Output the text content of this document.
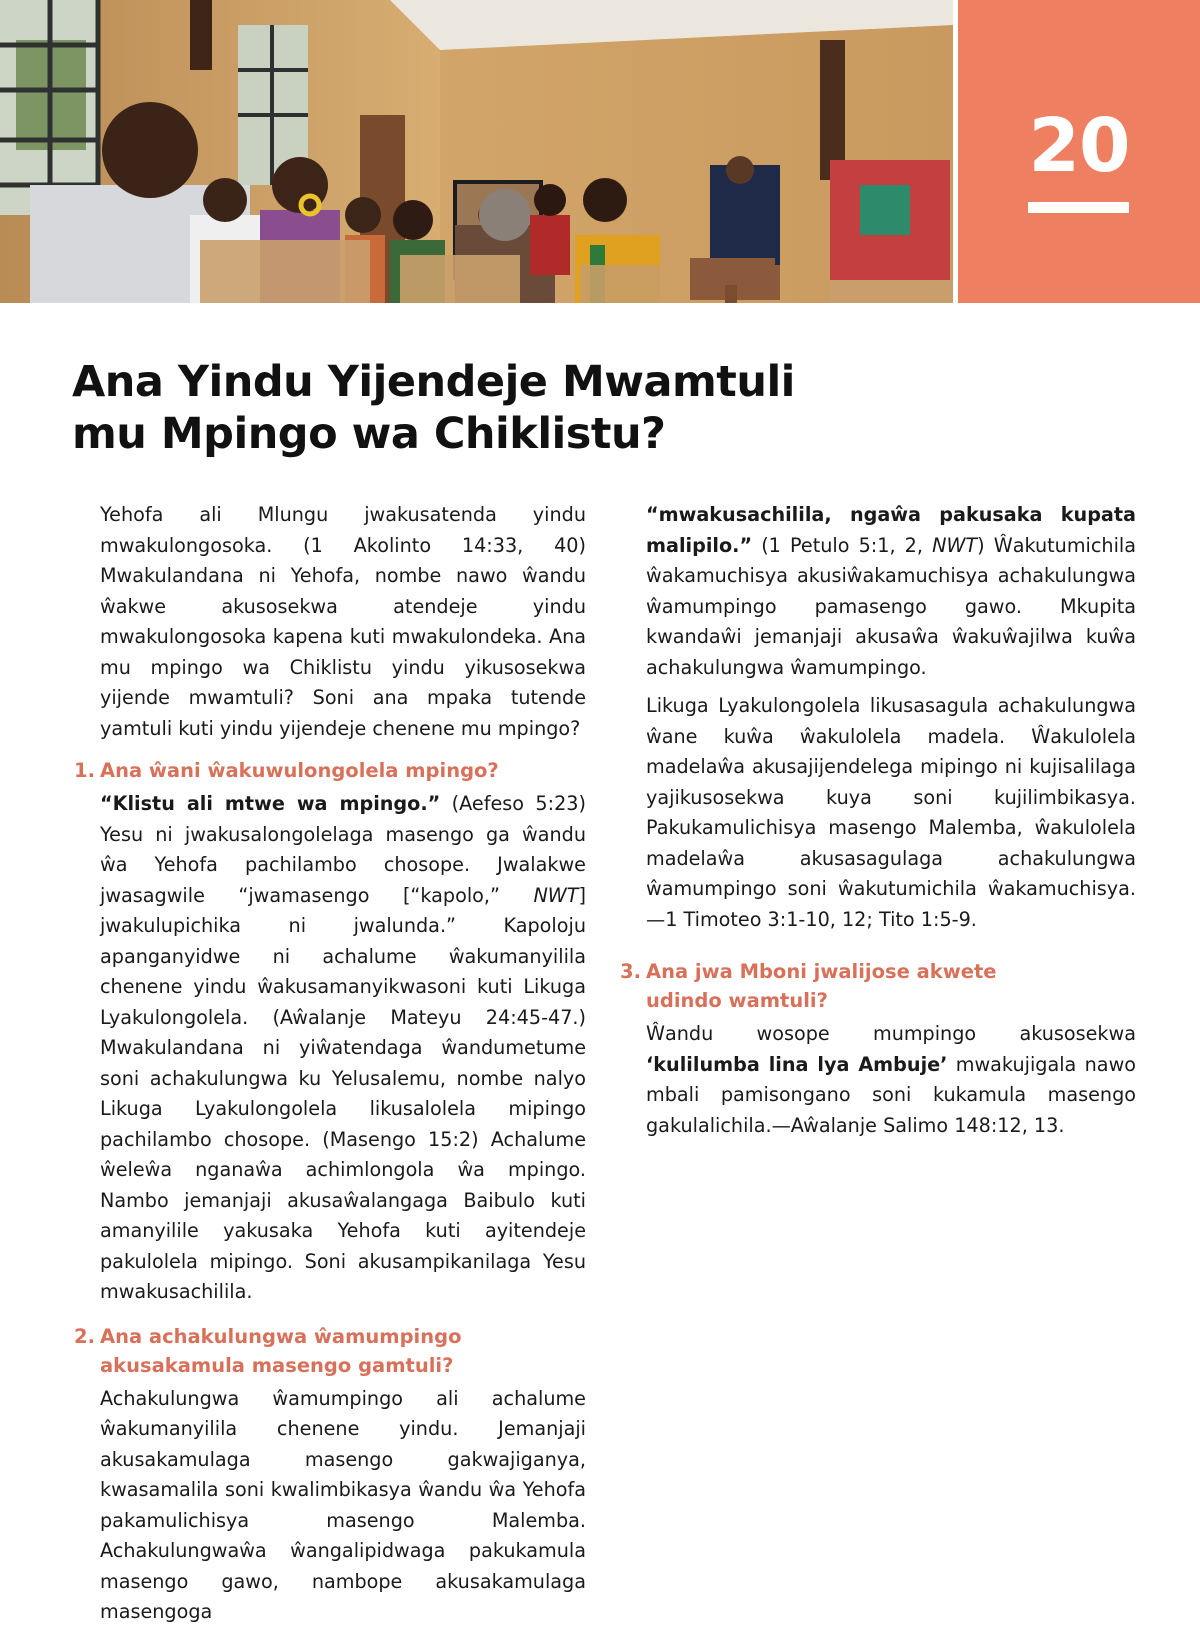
20
Ana Yindu Yijendeje Mwamtuli
mu Mpingo wa Chiklistu?

Yehofa ali Mlungu jwakusatenda yindu mwakulongosoka. (1 Akolinto 14:33, 40) Mwakulandana ni Yehofa, nombe nawo ŵandu ŵakwe akusosekwa atendeje yindu mwakulongosoka kapena kuti mwakulondeka. Ana mu mpingo wa Chiklistu yindu yikusosekwa yijende mwamtuli? Soni ana mpaka tutende yamtuli kuti yindu yijendeje chenene mu mpingo?

1. Ana ŵani ŵakuwulongolela mpingo?

“Klistu ali mtwe wa mpingo.” (Aefeso 5:23) Yesu ni jwakusalongolelaga masengo ga ŵandu ŵa Yehofa pachilambo chosope. Jwalakwe jwasagwile “jwamasengo [“kapolo,” NWT] jwakulupichika ni jwalunda.” Kapoloju apanganyidwe ni achalume ŵakumanyilila chenene yindu ŵakusamanyikwasoni kuti Likuga Lyakulongolela. (Aŵalanje Mateyu 24:45-47.) Mwakulandana ni yiŵatendaga ŵandumetume soni achakulungwa ku Yelusalemu, nombe nalyo Likuga Lyakulongolela likusalolela mipingo pachilambo chosope. (Masengo 15:2) Achalume ŵeleŵa nganaŵa achimlongola ŵa mpingo. Nambo jemanjaji akusaŵalangaga Baibulo kuti amanyilile yakusaka Yehofa kuti ayitendeje pakulolela mipingo. Soni akusampikanilaga Yesu mwakusachilila.

2. Ana achakulungwa ŵamumpingo
akusakamula masengo gamtuli?

Achakulungwa ŵamumpingo ali achalume ŵakumanyilila chenene yindu. Jemanjaji akusakamulaga masengo gakwajiganya, kwasamalila soni kwalimbikasya ŵandu ŵa Yehofa pakamulichisya masengo Malemba. Achakulungwaŵa ŵangalipidwaga pakukamula masengo gawo, nambope akusakamulaga masengoga

“mwakusachilila, ngaŵa pakusaka kupata malipilo.” (1 Petulo 5:1, 2, NWT) Ŵakutumichila ŵakamuchisya akusiŵakamuchisya achakulungwa ŵamumpingo pamasengo gawo. Mkupita kwandaŵi jemanjaji akusaŵa ŵakuŵajilwa kuŵa achakulungwa ŵamumpingo.

Likuga Lyakulongolela likusasagula achakulungwa ŵane kuŵa ŵakulolela madela. Ŵakulolela madelaŵa akusajijendelega mipingo ni kujisalilaga yajikusosekwa kuya soni kujilimbikasya. Pakukamulichisya masengo Malemba, ŵakulolela madelaŵa akusasagulaga achakulungwa ŵamumpingo soni ŵakutumichila ŵakamuchisya. —1 Timoteo 3:1-10, 12; Tito 1:5-9.

3. Ana jwa Mboni jwalijose akwete
udindo wamtuli?

Ŵandu wosope mumpingo akusosekwa ‘kulilumba lina lya Ambuje’ mwakujigala nawo mbali pamisongano soni kukamula masengo gakulalichila.—Aŵalanje Salimo 148:12, 13.
